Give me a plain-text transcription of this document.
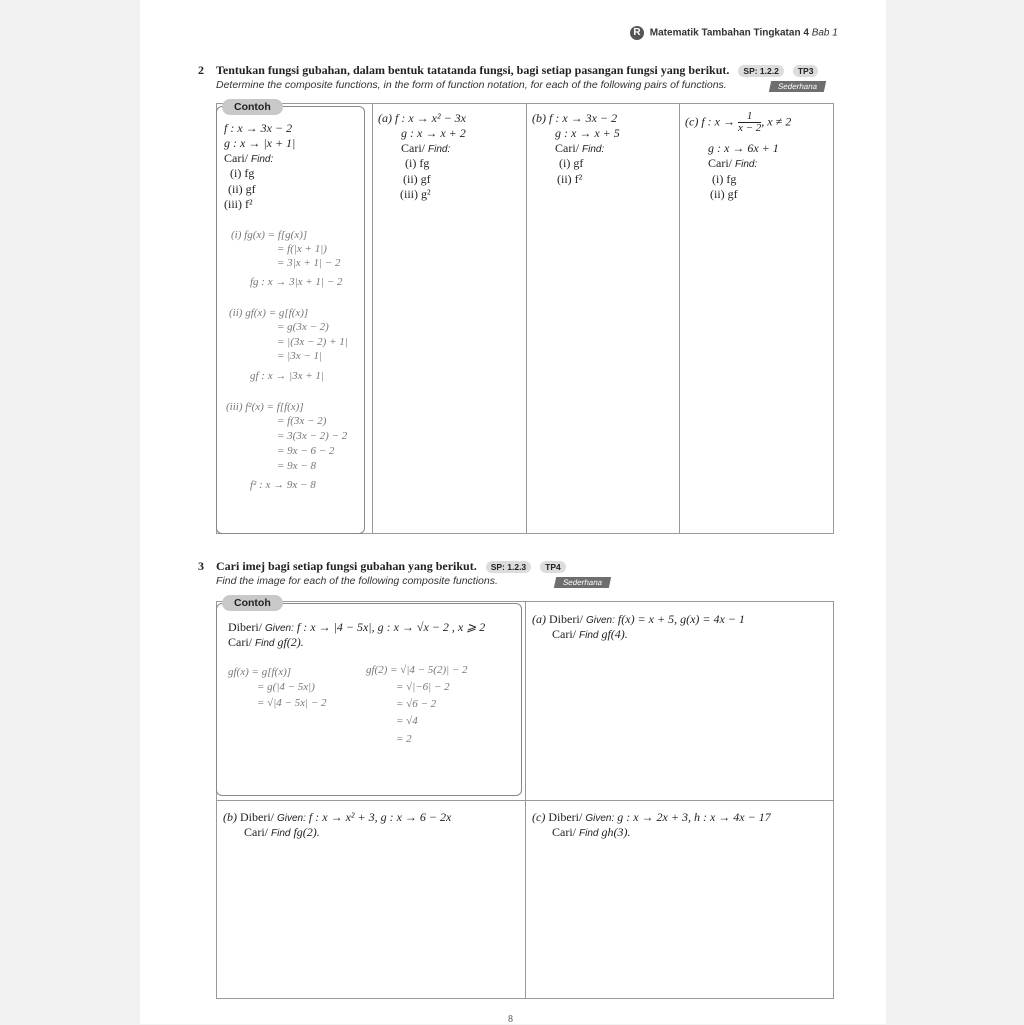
R Matematik Tambahan Tingkatan 4 Bab 1
2 Tentukan fungsi gubahan, dalam bentuk tatatanda fungsi, bagi setiap pasangan fungsi yang berikut. SP: 1.2.2 TP3
Determine the composite functions, in the form of function notation, for each of the following pairs of functions.	Sederhana
Contoh
f : x → 3x − 2
g : x → |x + 1|
Cari/ Find:
(i) fg
(ii) gf
(iii) f²
(i) fg(x) = f[g(x)]
= f(|x + 1|)
= 3|x + 1| − 2
fg : x → 3|x + 1| − 2
(ii) gf(x) = g[f(x)]
= g(3x − 2)
= |(3x − 2) + 1|
= |3x − 1|
gf : x → |3x + 1|
(iii) f²(x) = f[f(x)]
= f(3x − 2)
= 3(3x − 2) − 2
= 9x − 6 − 2
= 9x − 8
f² : x → 9x − 8
(a) f : x → x² − 3x
g : x → x + 2
Cari/ Find:
(i) fg
(ii) gf
(iii) g²
(b) f : x → 3x − 2
g : x → x + 5
Cari/ Find:
(i) gf
(ii) f²
(c) f : $x \to \frac{1}{x - 2}$ , x ≠ 2
g : x → 6x + 1
Cari/ Find:
(i) fg
(ii) gf
3 Cari imej bagi setiap fungsi gubahan yang berikut. SP: 1.2.3 TP4
Find the image for each of the following composite functions.	Sederhana
Contoh
Diberi/ Given: f : x → |4 − 5x|, g : x → √x − 2 , x ⩾ 2
Cari/ Find gf(2).
gf(x) = g[f(x)]
= g(|4 − 5x|)
= √|4 − 5x| − 2
gf(2) = √|4 − 5(2)| − 2
= √|−6| − 2
= √6 − 2
= √4
= 2
(a) Diberi/ Given: f(x) = x + 5, g(x) = 4x − 1
Cari/ Find gf(4).
(b) Diberi/ Given: f : x → x² + 3, g : x → 6 − 2x
Cari/ Find fg(2).
(c) Diberi/ Given: g : x → 2x + 3, h : x → 4x − 17
Cari/ Find gh(3).
8
